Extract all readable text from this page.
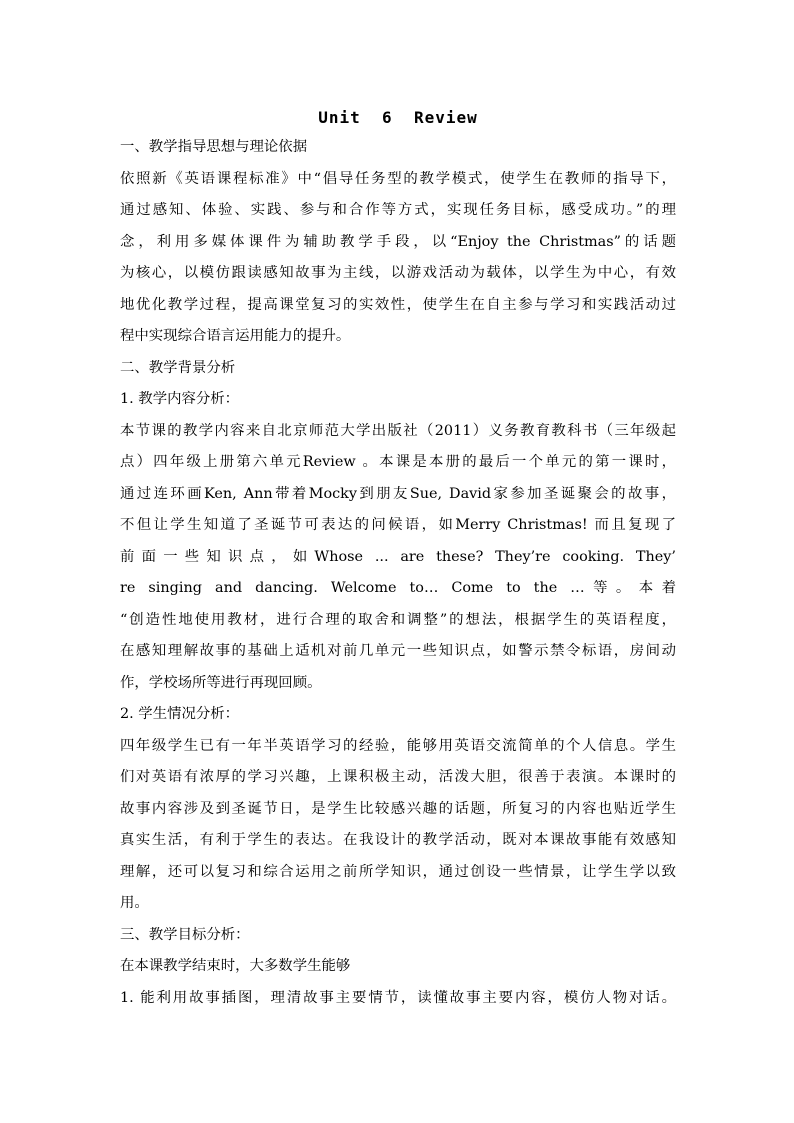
Unit  6  Review

一、教学指导思想与理论依据

依照新《英语课程标准》中“倡导任务型的教学模式，使学生在教师的指导下，

通过感知、体验、实践、参与和合作等方式，实现任务目标，感受成功。”的理

念，利用多媒体课件为辅助教学手段，以“Enjoy the Christmas”的话题

为核心，以模仿跟读感知故事为主线，以游戏活动为载体，以学生为中心，有效

地优化教学过程，提高课堂复习的实效性，使学生在自主参与学习和实践活动过

程中实现综合语言运用能力的提升。

二、教学背景分析

1. 教学内容分析：

本节课的教学内容来自北京师范大学出版社（2011）义务教育教科书（三年级起

点）四年级上册第六单元Review 。本课是本册的最后一个单元的第一课时，

通过连环画Ken, Ann带着Mocky到朋友Sue, David家参加圣诞聚会的故事，

不但让学生知道了圣诞节可表达的问候语，如Merry Christmas! 而且复现了

前面一些知识点，如Whose ... are these? They’re cooking. They’

re singing and dancing. Welcome to… Come to the …等。本着

“创造性地使用教材，进行合理的取舍和调整”的想法，根据学生的英语程度，

在感知理解故事的基础上适机对前几单元一些知识点，如警示禁令标语，房间动

作，学校场所等进行再现回顾。

2. 学生情况分析：

四年级学生已有一年半英语学习的经验，能够用英语交流简单的个人信息。学生

们对英语有浓厚的学习兴趣，上课积极主动，活泼大胆，很善于表演。本课时的

故事内容涉及到圣诞节日，是学生比较感兴趣的话题，所复习的内容也贴近学生

真实生活，有利于学生的表达。在我设计的教学活动，既对本课故事能有效感知

理解，还可以复习和综合运用之前所学知识，通过创设一些情景，让学生学以致

用。

三、教学目标分析：

在本课教学结束时，大多数学生能够

1. 能利用故事插图，理清故事主要情节，读懂故事主要内容，模仿人物对话。
